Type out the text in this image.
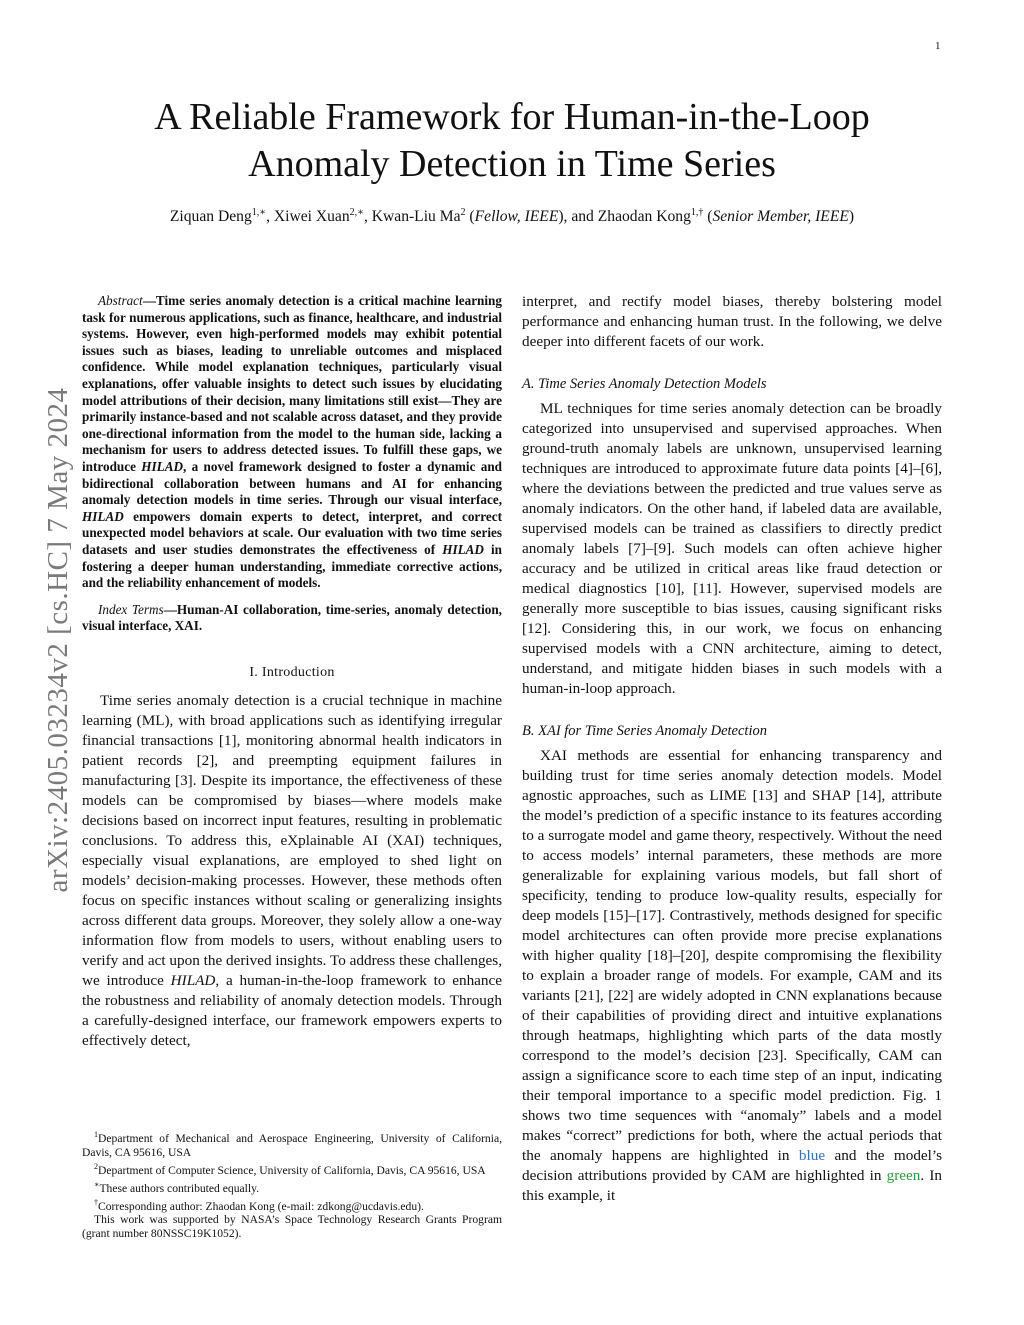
1
arXiv:2405.03234v2 [cs.HC] 7 May 2024
A Reliable Framework for Human-in-the-Loop Anomaly Detection in Time Series
Ziquan Deng$^{1,∗}$, Xiwei Xuan$^{2,∗}$, Kwan-Liu Ma$^2$ (Fellow, IEEE), and Zhaodan Kong$^{1,\dagger}$ (Senior Member, IEEE)

Abstract—Time series anomaly detection is a critical machine learning task for numerous applications, such as finance, healthcare, and industrial systems. However, even high-performed models may exhibit potential issues such as biases, leading to unreliable outcomes and misplaced confidence. While model explanation techniques, particularly visual explanations, offer valuable insights to detect such issues by elucidating model attributions of their decision, many limitations still exist—They are primarily instance-based and not scalable across dataset, and they provide one-directional information from the model to the human side, lacking a mechanism for users to address detected issues. To fulfill these gaps, we introduce HILAD, a novel framework designed to foster a dynamic and bidirectional collaboration between humans and AI for enhancing anomaly detection models in time series. Through our visual interface, HILAD empowers domain experts to detect, interpret, and correct unexpected model behaviors at scale. Our evaluation with two time series datasets and user studies demonstrates the effectiveness of HILAD in fostering a deeper human understanding, immediate corrective actions, and the reliability enhancement of models.

Index Terms—Human-AI collaboration, time-series, anomaly detection, visual interface, XAI.

I. Introduction

Time series anomaly detection is a crucial technique in machine learning (ML), with broad applications such as identifying irregular financial transactions [1], monitoring abnormal health indicators in patient records [2], and preempting equipment failures in manufacturing [3]. Despite its importance, the effectiveness of these models can be compromised by biases—where models make decisions based on incorrect input features, resulting in problematic conclusions. To address this, eXplainable AI (XAI) techniques, especially visual explanations, are employed to shed light on models’ decision-making processes. However, these methods often focus on specific instances without scaling or generalizing insights across different data groups. Moreover, they solely allow a one-way information flow from models to users, without enabling users to verify and act upon the derived insights. To address these challenges, we introduce HILAD, a human-in-the-loop framework to enhance the robustness and reliability of anomaly detection models. Through a carefully-designed interface, our framework empowers experts to effectively detect,

$^1$Department of Mechanical and Aerospace Engineering, University of California, Davis, CA 95616, USA

$^2$Department of Computer Science, University of California, Davis, CA 95616, USA

∗These authors contributed equally.

†Corresponding author: Zhaodan Kong (e-mail: zdkong@ucdavis.edu).

This work was supported by NASA’s Space Technology Research Grants Program (grant number 80NSSC19K1052).

interpret, and rectify model biases, thereby bolstering model performance and enhancing human trust. In the following, we delve deeper into different facets of our work.

A. Time Series Anomaly Detection Models

ML techniques for time series anomaly detection can be broadly categorized into unsupervised and supervised approaches. When ground-truth anomaly labels are unknown, unsupervised learning techniques are introduced to approximate future data points [4]–[6], where the deviations between the predicted and true values serve as anomaly indicators. On the other hand, if labeled data are available, supervised models can be trained as classifiers to directly predict anomaly labels [7]–[9]. Such models can often achieve higher accuracy and be utilized in critical areas like fraud detection or medical diagnostics [10], [11]. However, supervised models are generally more susceptible to bias issues, causing significant risks [12]. Considering this, in our work, we focus on enhancing supervised models with a CNN architecture, aiming to detect, understand, and mitigate hidden biases in such models with a human-in-loop approach.

B. XAI for Time Series Anomaly Detection

XAI methods are essential for enhancing transparency and building trust for time series anomaly detection models. Model agnostic approaches, such as LIME [13] and SHAP [14], attribute the model’s prediction of a specific instance to its features according to a surrogate model and game theory, respectively. Without the need to access models’ internal parameters, these methods are more generalizable for explaining various models, but fall short of specificity, tending to produce low-quality results, especially for deep models [15]–[17]. Contrastively, methods designed for specific model architectures can often provide more precise explanations with higher quality [18]–[20], despite compromising the flexibility to explain a broader range of models. For example, CAM and its variants [21], [22] are widely adopted in CNN explanations because of their capabilities of providing direct and intuitive explanations through heatmaps, highlighting which parts of the data mostly correspond to the model’s decision [23]. Specifically, CAM can assign a significance score to each time step of an input, indicating their temporal importance to a specific model prediction. Fig. 1 shows two time sequences with “anomaly” labels and a model makes “correct” predictions for both, where the actual periods that the anomaly happens are highlighted in blue and the model’s decision attributions provided by CAM are highlighted in green. In this example, it
